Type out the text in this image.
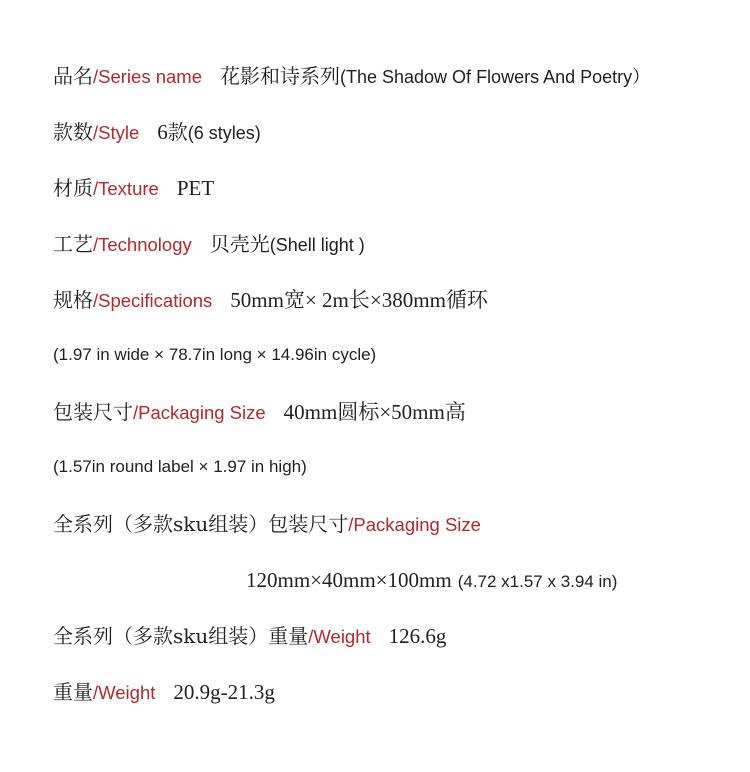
品名/Series name 花影和诗系列(The Shadow Of Flowers And Poetry）
款数/Style 6款(6 styles)
材质/Texture PET
工艺/Technology 贝壳光(Shell light )
规格/Specifications 50mm宽× 2m长×380mm循环
(1.97 in wide × 78.7in long × 14.96in cycle)
包装尺寸/Packaging Size 40mm圆标×50mm高
(1.57in round label × 1.97 in high)
全系列（多款sku组装）包装尺寸/Packaging Size
120mm×40mm×100mm (4.72 x1.57 x 3.94 in)
全系列（多款sku组装）重量/Weight 126.6g
重量/Weight 20.9g-21.3g
